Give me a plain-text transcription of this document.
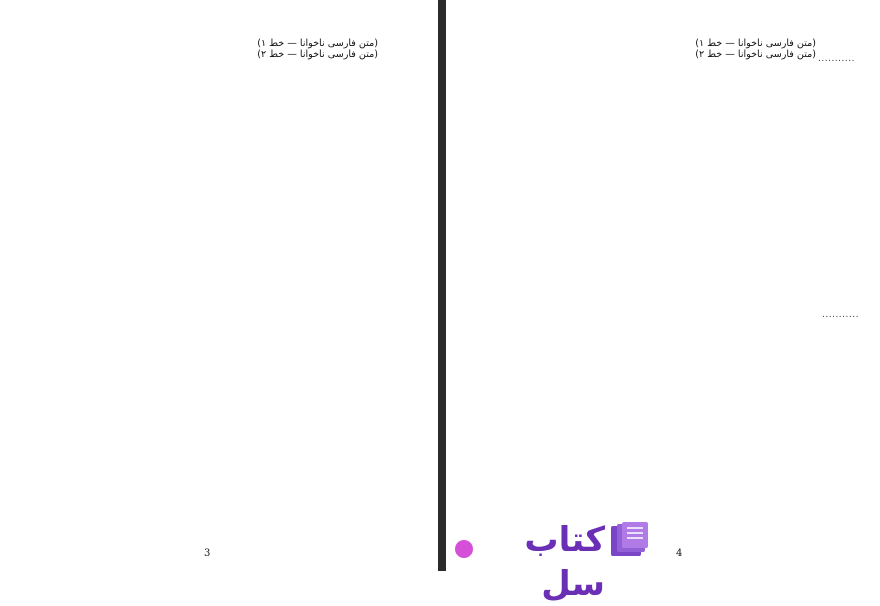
(متن فارسی ناخوانا — خط ۱)
(متن فارسی ناخوانا — خط ۲)
3
(متن فارسی ناخوانا — خط ۱)
(متن فارسی ناخوانا — خط ۲)
4
...........
...........
کتاب سل
